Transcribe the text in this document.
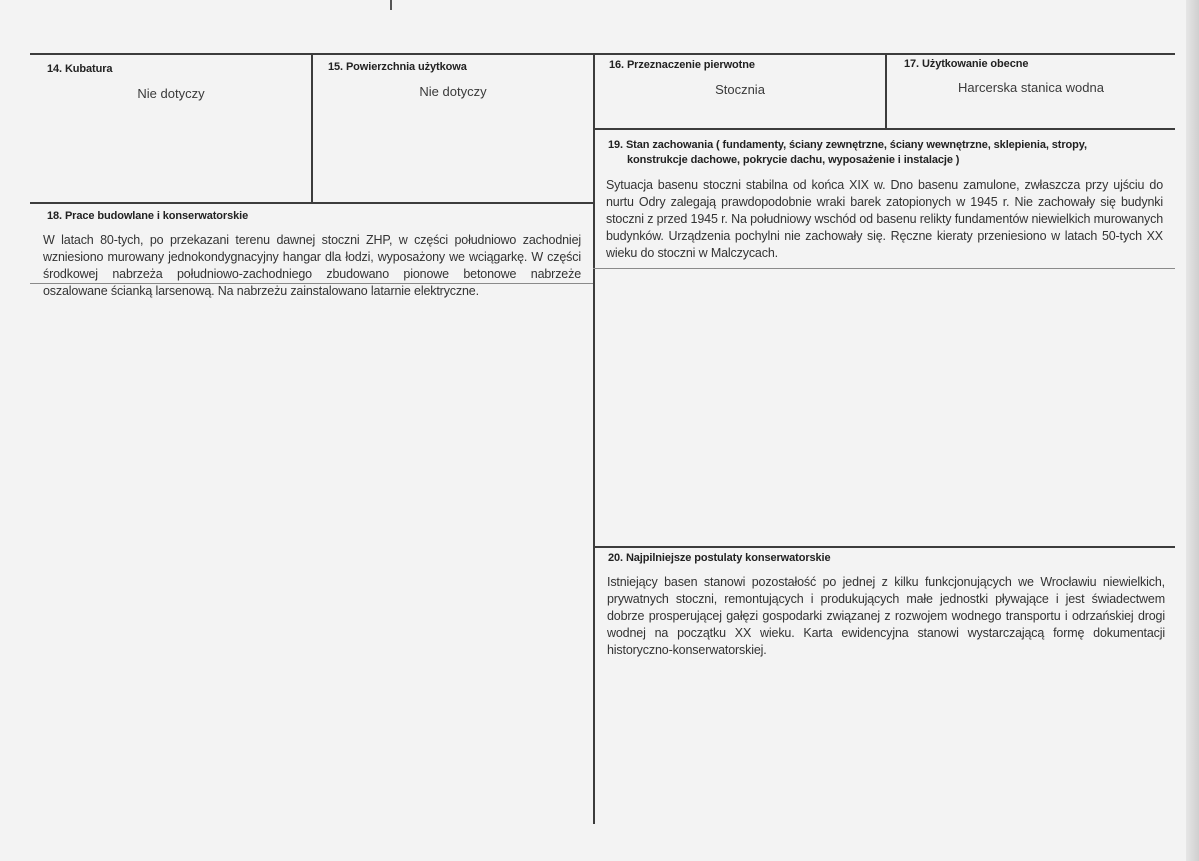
14. Kubatura
Nie dotyczy
15. Powierzchnia użytkowa
Nie dotyczy
16. Przeznaczenie pierwotne
Stocznia
17. Użytkowanie obecne
Harcerska stanica wodna
18. Prace budowlane i konserwatorskie
W latach 80-tych, po przekazani terenu dawnej stoczni ZHP, w części południowo zachodniej wzniesiono murowany jednokondygnacyjny hangar dla łodzi, wyposażony we wciągarkę. W części środkowej nabrzeża południowo-zachodniego zbudowano pionowe betonowe nabrzeże oszalowane ścianką larsenową. Na nabrzeżu zainstalowano latarnie elektryczne.
19. Stan zachowania ( fundamenty, ściany zewnętrzne, ściany wewnętrzne, sklepienia, stropy,
konstrukcje dachowe, pokrycie dachu, wyposażenie i instalacje )
Sytuacja basenu stoczni stabilna od końca XIX w. Dno basenu zamulone, zwłaszcza przy ujściu do nurtu Odry zalegają prawdopodobnie wraki barek zatopionych w 1945 r. Nie zachowały się budynki stoczni z przed 1945 r. Na południowy wschód od basenu relikty fundamentów niewielkich murowanych budynków. Urządzenia pochylni nie zachowały się. Ręczne kieraty przeniesiono w latach 50-tych XX wieku do stoczni w Malczycach.
20. Najpilniejsze postulaty konserwatorskie
Istniejący basen stanowi pozostałość po jednej z kilku funkcjonujących we Wrocławiu niewielkich, prywatnych stoczni, remontujących i produkujących małe jednostki pływające i jest świadectwem dobrze prosperującej gałęzi gospodarki związanej z rozwojem wodnego transportu i odrzańskiej drogi wodnej na początku XX wieku. Karta ewidencyjna stanowi wystarczającą formę dokumentacji historyczno-konserwatorskiej.
